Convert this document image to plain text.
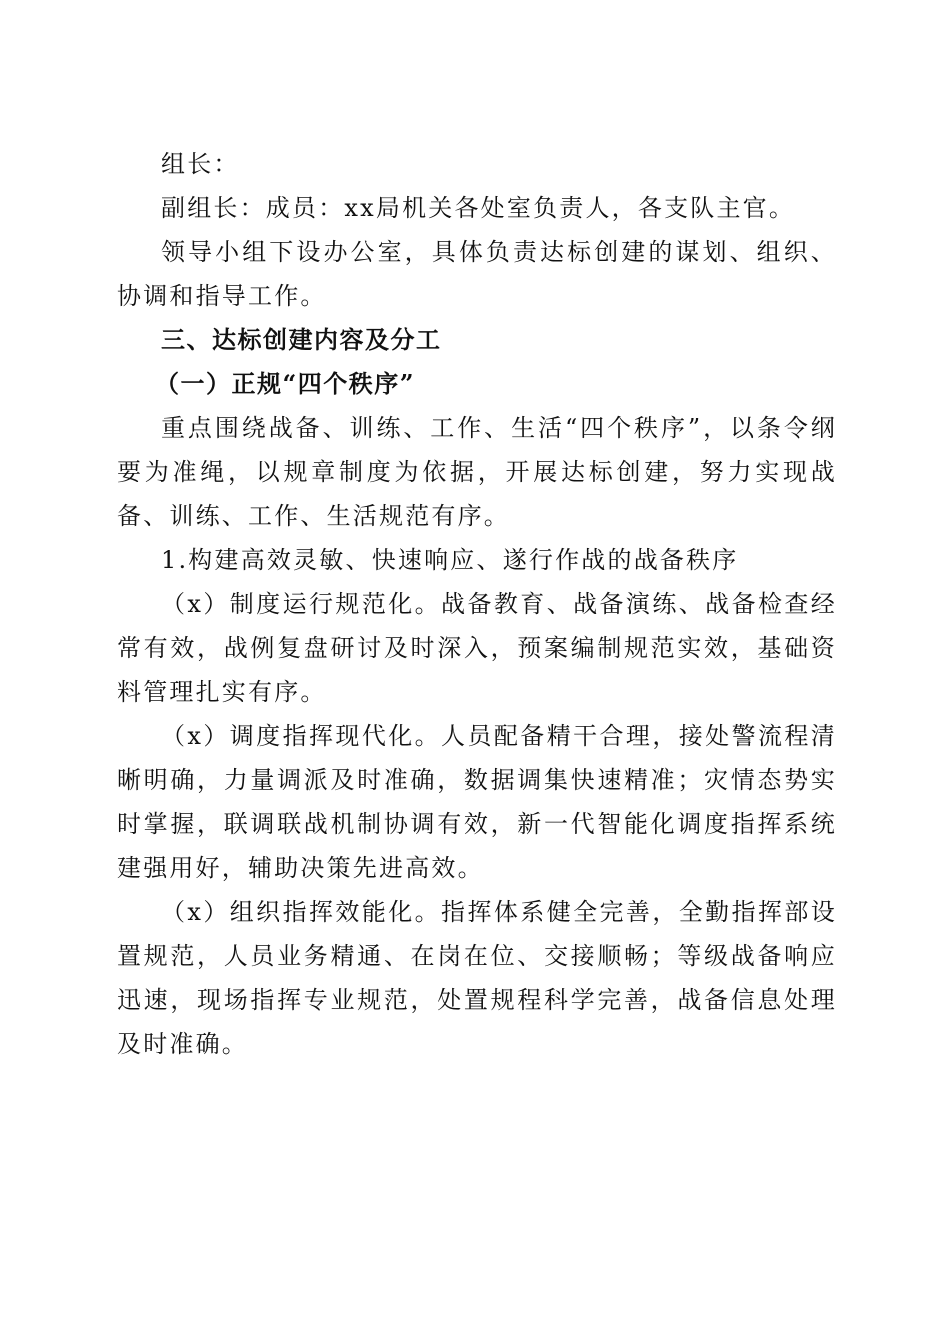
组长：

副组长：成员：xx局机关各处室负责人，各支队主官。

领导小组下设办公室，具体负责达标创建的谋划、组织、协调和指导工作。

三、达标创建内容及分工

（一）正规“四个秩序”

重点围绕战备、训练、工作、生活“四个秩序”，以条令纲要为准绳，以规章制度为依据，开展达标创建，努力实现战备、训练、工作、生活规范有序。

1.构建高效灵敏、快速响应、遂行作战的战备秩序

（x）制度运行规范化。战备教育、战备演练、战备检查经常有效，战例复盘研讨及时深入，预案编制规范实效，基础资料管理扎实有序。

（x）调度指挥现代化。人员配备精干合理，接处警流程清晰明确，力量调派及时准确，数据调集快速精准；灾情态势实时掌握，联调联战机制协调有效，新一代智能化调度指挥系统建强用好，辅助决策先进高效。

（x）组织指挥效能化。指挥体系健全完善，全勤指挥部设置规范，人员业务精通、在岗在位、交接顺畅；等级战备响应迅速，现场指挥专业规范，处置规程科学完善，战备信息处理及时准确。
